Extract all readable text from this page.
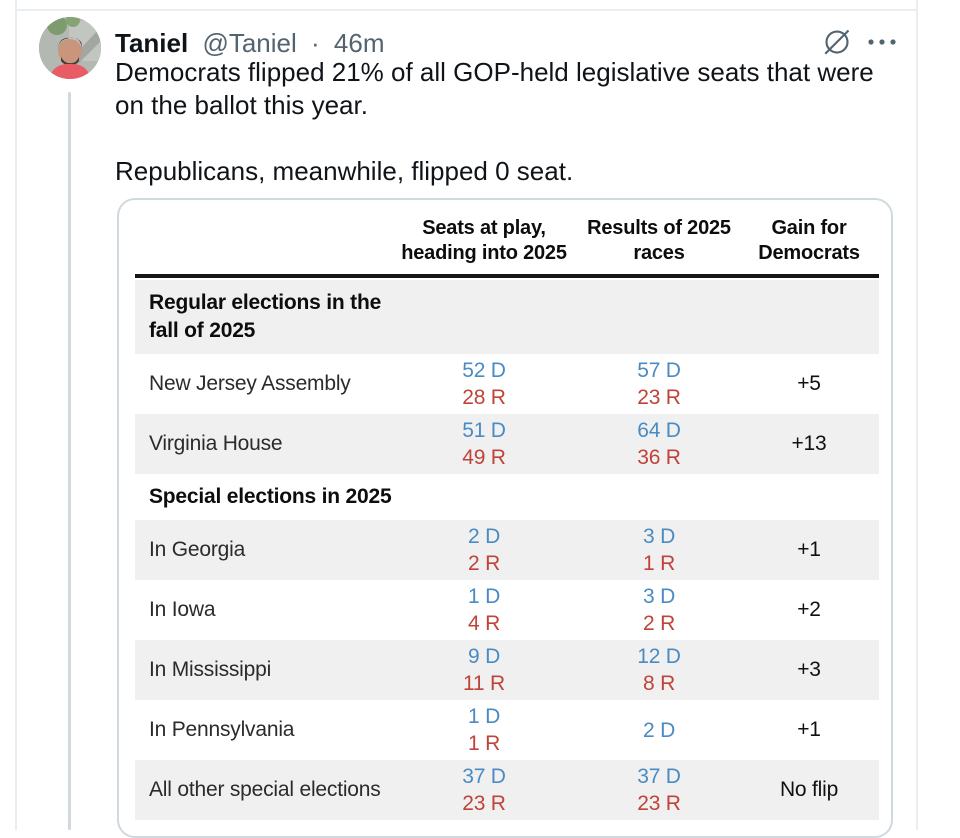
Taniel @Taniel · 46m

Democrats flipped 21% of all GOP-held legislative seats that were on the ballot this year.

Republicans, meanwhile, flipped 0 seat.

Seats at play, heading into 2025
Results of 2025 races
Gain for Democrats
Regular elections in the fall of 2025
New Jersey Assembly
52 D
28 R
57 D
23 R
+5
Virginia House
51 D
49 R
64 D
36 R
+13
Special elections in 2025
In Georgia
2 D
2 R
3 D
1 R
+1
In Iowa
1 D
4 R
3 D
2 R
+2
In Mississippi
9 D
11 R
12 D
8 R
+3
In Pennsylvania
1 D
1 R
2 D	+1
All other special elections
37 D
23 R
37 D
23 R
No flip
